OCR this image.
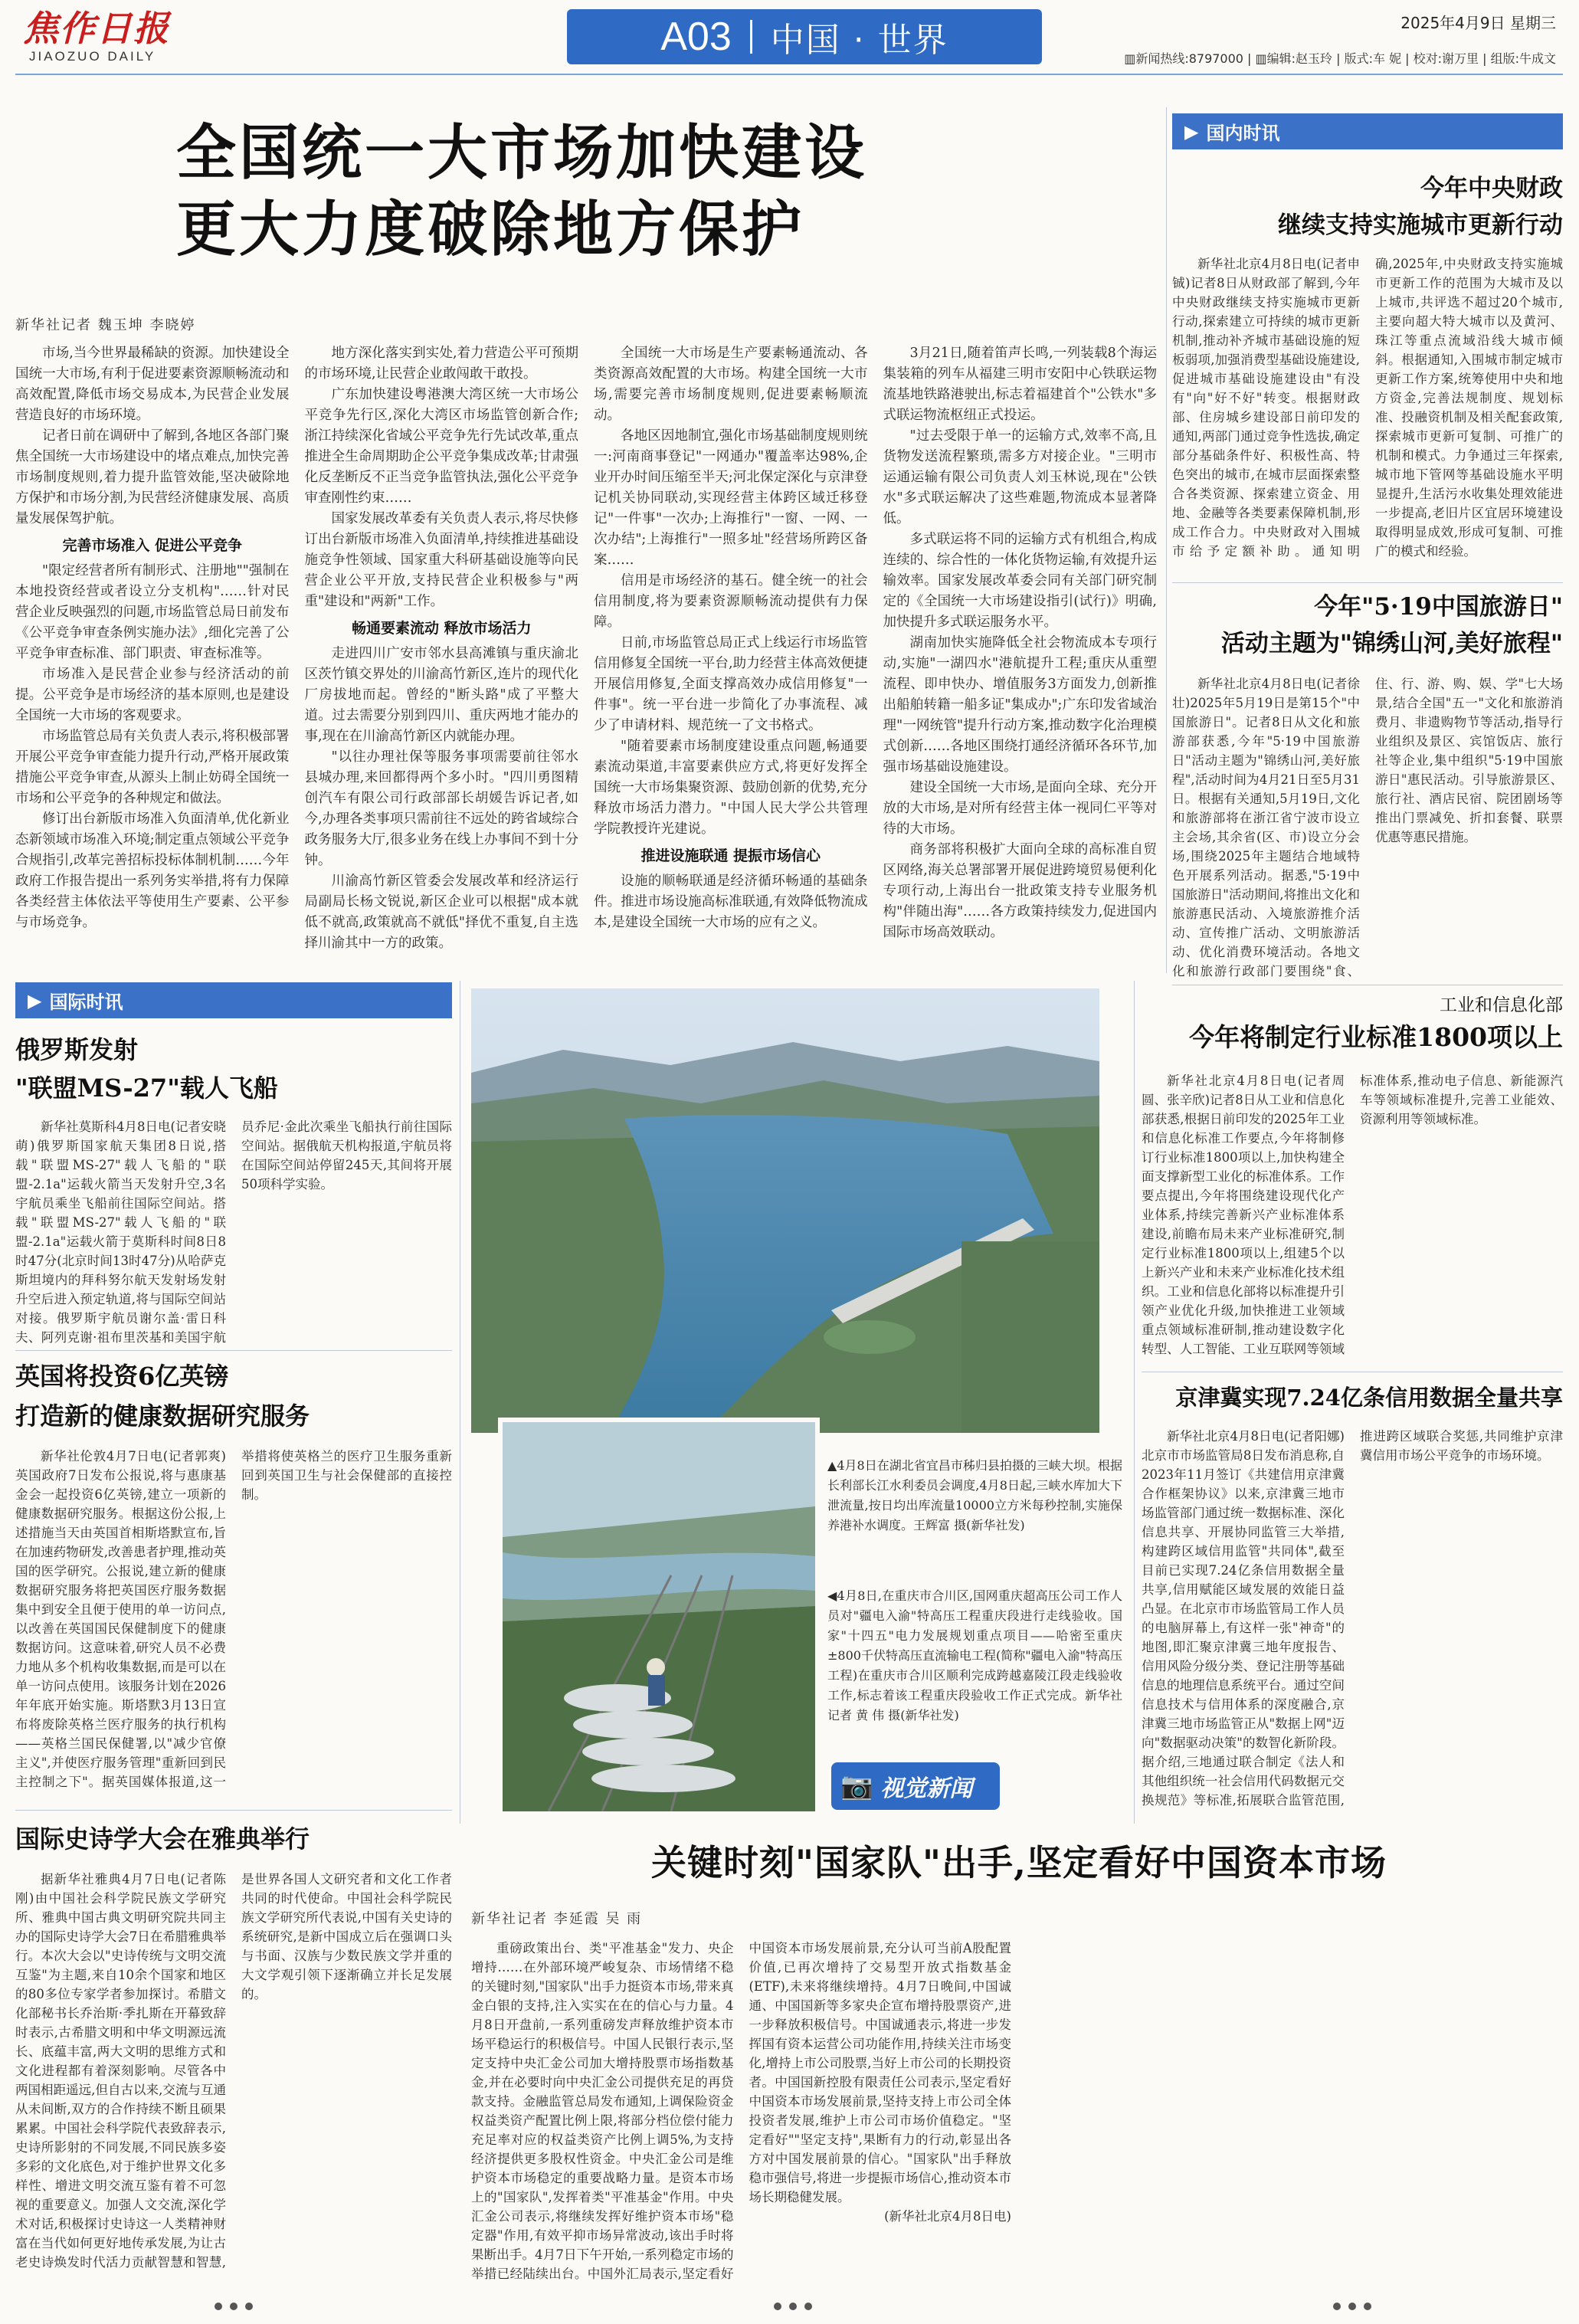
焦作日报
JIAOZUO DAILY	A03 中国 · 世界	2025年4月9日 星期三
▥新闻热线:8797000 | ▥编辑:赵玉玲 | 版式:车 妮 | 校对:谢万里 | 组版:牛成文
全国统一大市场加快建设
更大力度破除地方保护
新华社记者 魏玉坤 李晓婷

市场,当今世界最稀缺的资源。加快建设全国统一大市场,有利于促进要素资源顺畅流动和高效配置,降低市场交易成本,为民营企业发展营造良好的市场环境。

记者日前在调研中了解到,各地区各部门聚焦全国统一大市场建设中的堵点难点,加快完善市场制度规则,着力提升监管效能,坚决破除地方保护和市场分割,为民营经济健康发展、高质量发展保驾护航。

完善市场准入 促进公平竞争

"限定经营者所有制形式、注册地""强制在本地投资经营或者设立分支机构"……针对民营企业反映强烈的问题,市场监管总局日前发布《公平竞争审查条例实施办法》,细化完善了公平竞争审查标准、部门职责、审查标准等。

市场准入是民营企业参与经济活动的前提。公平竞争是市场经济的基本原则,也是建设全国统一大市场的客观要求。

市场监管总局有关负责人表示,将积极部署开展公平竞争审查能力提升行动,严格开展政策措施公平竞争审查,从源头上制止妨碍全国统一市场和公平竞争的各种规定和做法。

修订出台新版市场准入负面清单,优化新业态新领域市场准入环境;制定重点领域公平竞争合规指引,改革完善招标投标体制机制……今年政府工作报告提出一系列务实举措,将有力保障各类经营主体依法平等使用生产要素、公平参与市场竞争。

地方深化落实到实处,着力营造公平可预期的市场环境,让民营企业敢闯敢干敢投。

广东加快建设粤港澳大湾区统一大市场公平竞争先行区,深化大湾区市场监管创新合作;浙江持续深化省域公平竞争先行先试改革,重点推进全生命周期助企公平竞争集成改革;甘肃强化反垄断反不正当竞争监管执法,强化公平竞争审查刚性约束……

国家发展改革委有关负责人表示,将尽快修订出台新版市场准入负面清单,持续推进基础设施竞争性领域、国家重大科研基础设施等向民营企业公平开放,支持民营企业积极参与"两重"建设和"两新"工作。

畅通要素流动 释放市场活力

走进四川广安市邻水县高滩镇与重庆渝北区茨竹镇交界处的川渝高竹新区,连片的现代化厂房拔地而起。曾经的"断头路"成了平整大道。过去需要分别到四川、重庆两地才能办的事,现在在川渝高竹新区内就能办理。

"以往办理社保等服务事项需要前往邻水县城办理,来回都得两个多小时。"四川勇图精创汽车有限公司行政部部长胡媛告诉记者,如今,办理各类事项只需前往不远处的跨省域综合政务服务大厅,很多业务在线上办事间不到十分钟。

川渝高竹新区管委会发展改革和经济运行局副局长杨文锐说,新区企业可以根据"成本就低不就高,政策就高不就低"择优不重复,自主选择川渝其中一方的政策。

全国统一大市场是生产要素畅通流动、各类资源高效配置的大市场。构建全国统一大市场,需要完善市场制度规则,促进要素畅顺流动。

各地区因地制宜,强化市场基础制度规则统一:河南商事登记"一网通办"覆盖率达98%,企业开办时间压缩至半天;河北保定深化与京津登记机关协同联动,实现经营主体跨区域迁移登记"一件事"一次办;上海推行"一窗、一网、一次办结";上海推行"一照多址"经营场所跨区备案……

信用是市场经济的基石。健全统一的社会信用制度,将为要素资源顺畅流动提供有力保障。

日前,市场监管总局正式上线运行市场监管信用修复全国统一平台,助力经营主体高效便捷开展信用修复,全面支撑高效办成信用修复"一件事"。统一平台进一步简化了办事流程、减少了申请材料、规范统一了文书格式。

"随着要素市场制度建设重点问题,畅通要素流动渠道,丰富要素供应方式,将更好发挥全国统一大市场集聚资源、鼓励创新的优势,充分释放市场活力潜力。"中国人民大学公共管理学院教授许光建说。

推进设施联通 提振市场信心

设施的顺畅联通是经济循环畅通的基础条件。推进市场设施高标准联通,有效降低物流成本,是建设全国统一大市场的应有之义。

3月21日,随着笛声长鸣,一列装载8个海运集装箱的列车从福建三明市安阳中心铁联运物流基地铁路港驶出,标志着福建首个"公铁水"多式联运物流枢纽正式投运。

"过去受限于单一的运输方式,效率不高,且货物发送流程繁琐,需多方对接企业。"三明市运通运输有限公司负责人刘玉林说,现在"公铁水"多式联运解决了这些难题,物流成本显著降低。

多式联运将不同的运输方式有机组合,构成连续的、综合性的一体化货物运输,有效提升运输效率。国家发展改革委会同有关部门研究制定的《全国统一大市场建设指引(试行)》明确,加快提升多式联运服务水平。

湖南加快实施降低全社会物流成本专项行动,实施"一湖四水"港航提升工程;重庆从重塑流程、即申快办、增值服务3方面发力,创新推出船舶转籍一船多证"集成办";广东印发省域治理"一网统管"提升行动方案,推动数字化治理模式创新……各地区围绕打通经济循环各环节,加强市场基础设施建设。

建设全国统一大市场,是面向全球、充分开放的大市场,是对所有经营主体一视同仁平等对待的大市场。

商务部将积极扩大面向全球的高标准自贸区网络,海关总署部署开展促进跨境贸易便利化专项行动,上海出台一批政策支持专业服务机构"伴随出海"……各方政策持续发力,促进国内国际市场高效联动。

▶ 国内时讯
今年中央财政
继续支持实施城市更新行动

新华社北京4月8日电(记者申铖)记者8日从财政部了解到,今年中央财政继续支持实施城市更新行动,探索建立可持续的城市更新机制,推动补齐城市基础设施的短板弱项,加强消费型基础设施建设,促进城市基础设施建设由"有没有"向"好不好"转变。根据财政部、住房城乡建设部日前印发的通知,两部门通过竞争性选拔,确定部分基础条件好、积极性高、特色突出的城市,在城市层面探索整合各类资源、探索建立资金、用地、金融等各类要素保障机制,形成工作合力。中央财政对入围城市给予定额补助。通知明确,2025年,中央财政支持实施城市更新工作的范围为大城市及以上城市,共评选不超过20个城市,主要向超大特大城市以及黄河、珠江等重点流域沿线大城市倾斜。根据通知,入围城市制定城市更新工作方案,统筹使用中央和地方资金,完善法规制度、规划标准、投融资机制及相关配套政策,探索城市更新可复制、可推广的机制和模式。力争通过三年探索,城市地下管网等基础设施水平明显提升,生活污水收集处理效能进一步提高,老旧片区宜居环境建设取得明显成效,形成可复制、可推广的模式和经验。

今年"5·19中国旅游日"
活动主题为"锦绣山河,美好旅程"

新华社北京4月8日电(记者徐壮)2025年5月19日是第15个"中国旅游日"。记者8日从文化和旅游部获悉,今年"5·19中国旅游日"活动主题为"锦绣山河,美好旅程",活动时间为4月21日至5月31日。根据有关通知,5月19日,文化和旅游部将在浙江省宁波市设立主会场,其余省(区、市)设立分会场,围绕2025年主题结合地域特色开展系列活动。据悉,"5·19中国旅游日"活动期间,将推出文化和旅游惠民活动、入境旅游推介活动、宣传推广活动、文明旅游活动、优化消费环境活动。各地文化和旅游行政部门要围绕"食、住、行、游、购、娱、学"七大场景,结合全国"五一"文化和旅游消费月、非遗购物节等活动,指导行业组织及景区、宾馆饭店、旅行社等企业,集中组织"5·19中国旅游日"惠民活动。引导旅游景区、旅行社、酒店民宿、院团剧场等推出门票减免、折扣套餐、联票优惠等惠民措施。

工业和信息化部
今年将制定行业标准1800项以上

新华社北京4月8日电(记者周圆、张辛欣)记者8日从工业和信息化部获悉,根据日前印发的2025年工业和信息化标准工作要点,今年将制修订行业标准1800项以上,加快构建全面支撑新型工业化的标准体系。工作要点提出,今年将围绕建设现代化产业体系,持续完善新兴产业标准体系建设,前瞻布局未来产业标准研究,制定行业标准1800项以上,组建5个以上新兴产业和未来产业标准化技术组织。工业和信息化部将以标准提升引领产业优化升级,加快推进工业领域重点领域标准研制,推动建设数字化转型、人工智能、工业互联网等领域标准体系,推动电子信息、新能源汽车等领域标准提升,完善工业能效、资源利用等领域标准。

京津冀实现7.24亿条信用数据全量共享

新华社北京4月8日电(记者阳娜)北京市市场监管局8日发布消息称,自2023年11月签订《共建信用京津冀合作框架协议》以来,京津冀三地市场监管部门通过统一数据标准、深化信息共享、开展协同监管三大举措,构建跨区域信用监管"共同体",截至目前已实现7.24亿条信用数据全量共享,信用赋能区域发展的效能日益凸显。在北京市市场监管局工作人员的电脑屏幕上,有这样一张"神奇"的地图,即汇聚京津冀三地年度报告、信用风险分级分类、登记注册等基础信息的地理信息系统平台。通过空间信息技术与信用体系的深度融合,京津冀三地市场监管正从"数据上网"迈向"数据驱动决策"的数智化新阶段。据介绍,三地通过联合制定《法人和其他组织统一社会信用代码数据元交换规范》等标准,拓展联合监管范围,推进跨区域联合奖惩,共同维护京津冀信用市场公平竞争的市场环境。

▶ 国际时讯
俄罗斯发射
"联盟MS-27"载人飞船

新华社莫斯科4月8日电(记者安晓萌)俄罗斯国家航天集团8日说,搭载"联盟MS-27"载人飞船的"联盟-2.1a"运载火箭当天发射升空,3名宇航员乘坐飞船前往国际空间站。搭载"联盟MS-27"载人飞船的"联盟-2.1a"运载火箭于莫斯科时间8日8时47分(北京时间13时47分)从哈萨克斯坦境内的拜科努尔航天发射场发射升空后进入预定轨道,将与国际空间站对接。俄罗斯宇航员谢尔盖·雷日科夫、阿列克谢·祖布里茨基和美国宇航员乔尼·金此次乘坐飞船执行前往国际空间站。据俄航天机构报道,宇航员将在国际空间站停留245天,其间将开展50项科学实验。

英国将投资6亿英镑
打造新的健康数据研究服务

新华社伦敦4月7日电(记者郭爽)英国政府7日发布公报说,将与惠康基金会一起投资6亿英镑,建立一项新的健康数据研究服务。根据这份公报,上述措施当天由英国首相斯塔默宣布,旨在加速药物研发,改善患者护理,推动英国的医学研究。公报说,建立新的健康数据研究服务将把英国医疗服务数据集中到安全且便于使用的单一访问点,以改善在英国国民保健制度下的健康数据访问。这意味着,研究人员不必费力地从多个机构收集数据,而是可以在单一访问点使用。该服务计划在2026年年底开始实施。斯塔默3月13日宣布将废除英格兰医疗服务的执行机构——英格兰国民保健署,以"减少官僚主义",并使医疗服务管理"重新回到民主控制之下"。据英国媒体报道,这一举措将使英格兰的医疗卫生服务重新回到英国卫生与社会保健部的直接控制。

国际史诗学大会在雅典举行

据新华社雅典4月7日电(记者陈刚)由中国社会科学院民族文学研究所、雅典中国古典文明研究院共同主办的国际史诗学大会7日在希腊雅典举行。本次大会以"史诗传统与文明交流互鉴"为主题,来自10余个国家和地区的80多位专家学者参加探讨。希腊文化部秘书长乔治斯·季扎斯在开幕致辞时表示,古希腊文明和中华文明源远流长、底蕴丰富,两大文明的思维方式和文化进程都有着深刻影响。尽管各中两国相距遥远,但自古以来,交流与互通从未间断,双方的合作持续不断且硕果累累。中国社会科学院代表致辞表示,史诗所影射的不同发展,不同民族多姿多彩的文化底色,对于维护世界文化多样性、增进文明交流互鉴有着不可忽视的重要意义。加强人文交流,深化学术对话,积极探讨史诗这一人类精神财富在当代如何更好地传承发展,为让古老史诗焕发时代活力贡献智慧和智慧,是世界各国人文研究者和文化工作者共同的时代使命。中国社会科学院民族文学研究所代表说,中国有关史诗的系统研究,是新中国成立后在强调口头与书面、汉族与少数民族文学并重的大文学观引领下逐渐确立并长足发展的。

▲4月8日在湖北省宜昌市秭归县拍摄的三峡大坝。根据长利部长江水利委员会调度,4月8日起,三峡水库加大下泄流量,按日均出库流量10000立方米每秒控制,实施保养港补水调度。王辉富 摄(新华社发)

◀4月8日,在重庆市合川区,国网重庆超高压公司工作人员对"疆电入渝"特高压工程重庆段进行走线验收。国家"十四五"电力发展规划重点项目——哈密至重庆±800千伏特高压直流输电工程(简称"疆电入渝"特高压工程)在重庆市合川区顺利完成跨越嘉陵江段走线验收工作,标志着该工程重庆段验收工作正式完成。新华社记者 黄 伟 摄(新华社发)

📷 视觉新闻
关键时刻"国家队"出手,坚定看好中国资本市场
新华社记者 李延霞 吴 雨

重磅政策出台、类"平准基金"发力、央企增持……在外部环境严峻复杂、市场情绪不稳的关键时刻,"国家队"出手力挺资本市场,带来真金白银的支持,注入实实在在的信心与力量。4月8日开盘前,一系列重磅发声释放维护资本市场平稳运行的积极信号。中国人民银行表示,坚定支持中央汇金公司加大增持股票市场指数基金,并在必要时向中央汇金公司提供充足的再贷款支持。金融监管总局发布通知,上调保险资金权益类资产配置比例上限,将部分档位偿付能力充足率对应的权益类资产比例上调5%,为支持经济提供更多股权性资金。中央汇金公司是维护资本市场稳定的重要战略力量。是资本市场上的"国家队",发挥着类"平准基金"作用。中央汇金公司表示,将继续发挥好维护资本市场"稳定器"作用,有效平抑市场异常波动,该出手时将果断出手。4月7日下午开始,一系列稳定市场的举措已经陆续出台。中国外汇局表示,坚定看好中国资本市场发展前景,充分认可当前A股配置价值,已再次增持了交易型开放式指数基金(ETF),未来将继续增持。4月7日晚间,中国诚通、中国国新等多家央企宣布增持股票资产,进一步释放积极信号。中国诚通表示,将进一步发挥国有资本运营公司功能作用,持续关注市场变化,增持上市公司股票,当好上市公司的长期投资者。中国国新控股有限责任公司表示,坚定看好中国资本市场发展前景,坚持支持上市公司全体投资者发展,维护上市公司市场价值稳定。"坚定看好""坚定支持",果断有力的行动,彰显出各方对中国发展前景的信心。"国家队"出手释放稳市强信号,将进一步提振市场信心,推动资本市场长期稳健发展。

(新华社北京4月8日电)
